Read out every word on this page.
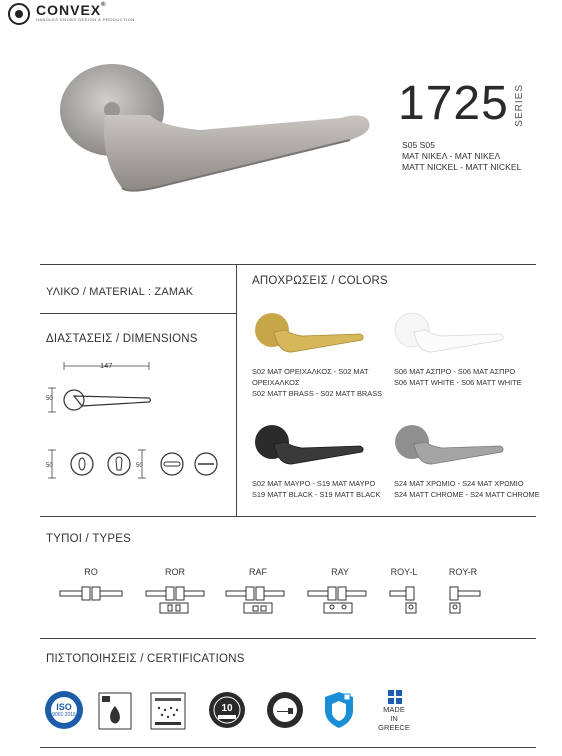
CONVEX®
HANDLES KNOBS DESIGN & PRODUCTION
1725 SERIES
S05 S05
ΜΑΤ ΝΙΚΕΛ - ΜΑΤ ΝΙΚΕΛ
MATT NICKEL - MATT NICKEL
ΥΛΙΚΟ / MATERIAL : ZAMAK
ΔΙΑΣΤΑΣΕΙΣ / DIMENSIONS
147
50
50	50
ΑΠΟΧΡΩΣΕΙΣ / COLORS
S02 ΜΑΤ ΟΡΕΙΧΑΛΚΟΣ - S02 ΜΑΤ
ΟΡΕΙΧΑΛΚΟΣ
S02 MATT BRASS - S02 MATT BRASS
S06 ΜΑΤ ΑΣΠΡΟ - S06 ΜΑΤ ΑΣΠΡΟ
S06 MATT WHITE - S06 MATT WHITE
S02 ΜΑΤ ΜΑΥΡΟ - S19 ΜΑΤ ΜΑΥΡΟ
S19 MATT BLACK - S19 MATT BLACK
S24 ΜΑΤ ΧΡΩΜΙΟ - S24 ΜΑΤ ΧΡΩΜΙΟ
S24 MATT CHROME - S24 MATT CHROME
ΤΥΠΟΙ / TYPES
RO	ROR	RAF	RAY	ROY-L	ROY-R
ΠΙΣΤΟΠΟΙΗΣΕΙΣ / CERTIFICATIONS
ISO
9001:2015
10	MADE
IN
GREECE
